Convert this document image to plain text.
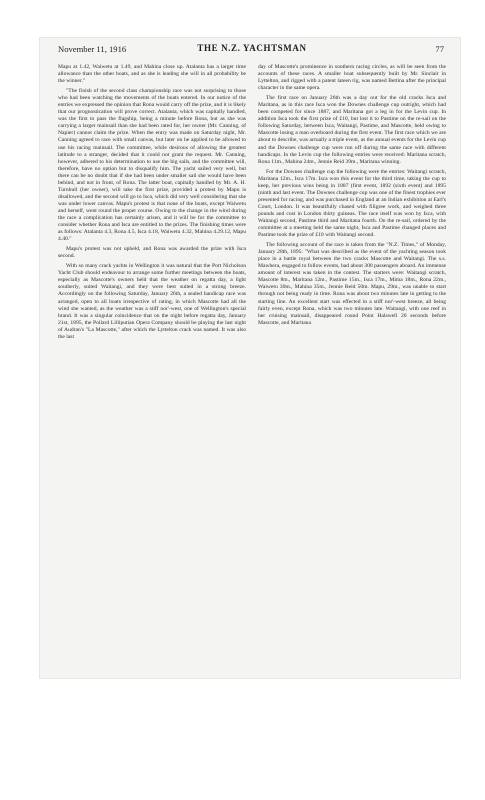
November 11, 1916	THE N.Z. YACHTSMAN	77

Mapu at 1.42, Waiwetu at 1.49, and Mahina close up. Atalanta has a larger time allowance than the other boats, and as she is leading she will in all probability be the winner."

"The finish of the second class championship race was not surprising to those who had been watching the movements of the boats entered. In our notice of the entries we expressed the opinion that Rona would carry off the prize, and it is likely that our prognostication will prove correct. Atalanta, which was capitally handled, was the first to pass the flagship, being a minute before Rona, but as she was carrying a larger mainsail than she had been rated for, her owner (Mr. Canning, of Napier) cannot claim the prize. When the entry was made on Saturday night, Mr. Canning agreed to race with small canvas, but later on he applied to be allowed to use his racing mainsail. The committee, while desirous of allowing the greatest latitude to a stranger, decided that it could not grant the request. Mr. Canning, however, adhered to his determination to use the big sails, and the committee will, therefore, have no option but to disqualify him. The yacht sailed very well, but there can be no doubt that if she had been under smaller sail she would have been behind, and not in front, of Rona. The latter boat, capitally handled by Mr. A. H. Turnbull (her owner), will take the first prize, provided a protest by Mapu is disallowed, and the second will go to Isca, which did very well considering that she was under lower canvas. Mapu's protest is that none of the boats, except Waiwetu and herself, went round the proper course. Owing to the change in the wind during the race a complication has certainly arisen, and it will be for the committee to consider whether Rona and Isca are entitled to the prizes. The finishing times were as follows: Atalanta 4.3, Rona 4.5, Isca 4.18, Waiwetu 4.32, Mahina 4.29.12, Mapu 4.40."

Mapu's protest was not upheld, and Rona was awarded the prize with Isca second.

With so many crack yachts in Wellington it was natural that the Port Nicholson Yacht Club should endeavour to arrange some further meetings between the boats, especially as Mascotte's owners held that the weather on regatta day, a light southerly, suited Waitangi, and they were best suited in a strong breeze. Accordingly on the following Saturday, January 26th, a sealed handicap race was arranged, open to all boats irrespective of rating, in which Mascotte had all the wind she wanted, as the weather was a stiff nor'-west, one of Wellington's special brand. It was a singular coincidence that on the night before regatta day, January 21st, 1895, the Pollard Lilliputian Opera Company should be playing the last night of Audran's "La Mascotte," after which the Lyttelton crack was named. It was also the last

day of Mascotte's prominence in southern racing circles, as will be seen from the accounts of these races. A smaller boat subsequently built by Mr. Sinclair in Lyttelton, and rigged with a patent lateen rig, was named Bettina after the principal character in the same opera.

The first race on January 26th was a day out for the old cracks Isca and Maritana, as in this race Isca won the Downes challenge cup outright, which had been competed for since 1887, and Maritana got a leg in for the Levin cup. In addition Isca took the first prize of £10, but lost it to Pastime on the re-sail on the following Saturday, between Isca, Waitangi, Pastime, and Mascotte, held owing to Mascotte losing a man overboard during the first event. The first race which we are about to describe, was actually a triple event, as the annual events for the Levin cup and the Downes challenge cup were run off during the same race with different handicaps. In the Levin cup the following entries were received: Maritana scratch, Rona 11m., Mahina 24m., Jennie Reid 39m., Maritana winning.

For the Downes challenge cup the following were the entries: Waitangi scratch, Maritana 12m., Isca 17m. Isca won this event for the third time, taking the cup to keep, her previous wins being in 1887 (first event, 1892 (sixth event) and 1895 (ninth and last event. The Downes challenge cup was one of the finest trophies ever presented for racing, and was purchased in England at an Indian exhibition at Earl's Court, London. It was beautifully chased with filigree work, and weighed three pounds and cost in London thirty guineas. The race itself was won by Isca, with Waitangi second, Pastime third and Maritana fourth. On the re-sail, ordered by the committee at a meeting held the same night, Isca and Pastime changed places and Pastime took the prize of £10 with Waitangi second.

The following account of the race is taken from the "N.Z. Times," of Monday, January 28th, 1895: "What was described as the event of the yachting season took place in a battle royal between the two cracks Mascotte and Waitangi. The s.s. Mawhera, engaged to follow events, had about 300 passengers aboard. An immense amount of interest was taken in the contest. The starters were: Waitangi scratch, Mascotte 8m., Maritana 12m., Pastime 15m., Isca 17m., Mima 18m., Rona 22m., Waiwetu 30m., Mahina 35m., Jennie Reid 50m. Mapu, 29m., was unable to start through not being ready in time. Rona was about two minutes late in getting to the starting line. An excellent start was effected in a stiff nor'-west breeze, all being fairly even, except Rona, which was two minutes late. Waitangi, with one reef in her cruising mainsail, disappeared round Point Halswell 20 seconds before Mascotte, and Maritana
